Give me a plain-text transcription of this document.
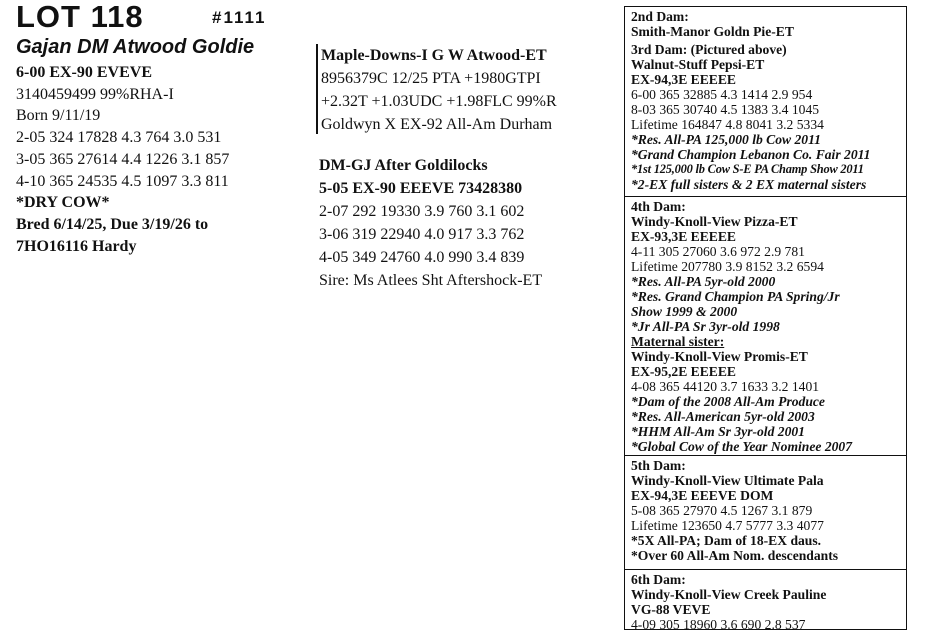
LOT 118	#1111
Gajan DM Atwood Goldie
6-00 EX-90 EVEVE
3140459499 99%RHA-I
Born 9/11/19
2-05 324 17828 4.3 764 3.0 531
3-05 365 27614 4.4 1226 3.1 857
4-10 365 24535 4.5 1097 3.3 811
*DRY COW*
Bred 6/14/25, Due 3/19/26 to
7HO16116 Hardy
Maple-Downs-I G W Atwood-ET
8956379C 12/25 PTA +1980GTPI
+2.32T +1.03UDC +1.98FLC 99%R
Goldwyn X EX-92 All-Am Durham
DM-GJ After Goldilocks
5-05 EX-90 EEEVE 73428380
2-07 292 19330 3.9 760 3.1 602
3-06 319 22940 4.0 917 3.3 762
4-05 349 24760 4.0 990 3.4 839
Sire: Ms Atlees Sht Aftershock-ET
2nd Dam:
Smith-Manor Goldn Pie-ET
3rd Dam: (Pictured above)
Walnut-Stuff Pepsi-ET
EX-94,3E EEEEE
6-00 365 32885 4.3 1414 2.9 954
8-03 365 30740 4.5 1383 3.4 1045
Lifetime 164847 4.8 8041 3.2 5334
*Res. All-PA 125,000 lb Cow 2011
*Grand Champion Lebanon Co. Fair 2011
*1st 125,000 lb Cow S-E PA Champ Show 2011
*2-EX full sisters & 2 EX maternal sisters
4th Dam:
Windy-Knoll-View Pizza-ET
EX-93,3E EEEEE
4-11 305 27060 3.6 972 2.9 781
Lifetime 207780 3.9 8152 3.2 6594
*Res. All-PA 5yr-old 2000
*Res. Grand Champion PA Spring/Jr
Show 1999 & 2000
*Jr All-PA Sr 3yr-old 1998
Maternal sister:
Windy-Knoll-View Promis-ET
EX-95,2E EEEEE
4-08 365 44120 3.7 1633 3.2 1401
*Dam of the 2008 All-Am Produce
*Res. All-American 5yr-old 2003
*HHM All-Am Sr 3yr-old 2001
*Global Cow of the Year Nominee 2007
5th Dam:
Windy-Knoll-View Ultimate Pala
EX-94,3E EEEVE DOM
5-08 365 27970 4.5 1267 3.1 879
Lifetime 123650 4.7 5777 3.3 4077
*5X All-PA; Dam of 18-EX daus.
*Over 60 All-Am Nom. descendants
6th Dam:
Windy-Knoll-View Creek Pauline
VG-88 VEVE
4-09 305 18960 3.6 690 2.8 537
